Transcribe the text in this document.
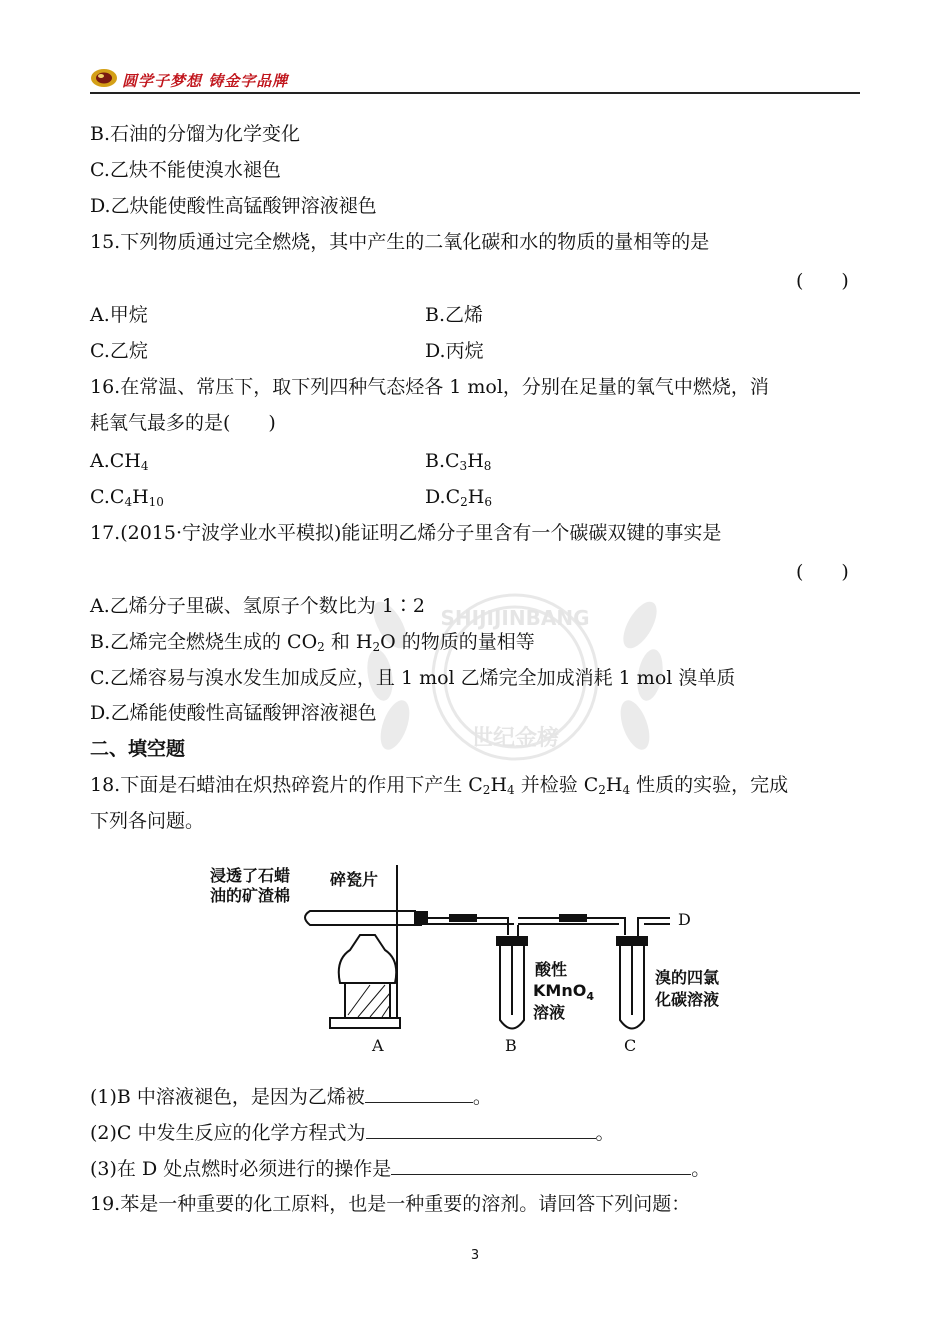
圆学子梦想 铸金字品牌
SHIJIJINBANG
世纪金榜
B.石油的分馏为化学变化
C.乙炔不能使溴水褪色
D.乙炔能使酸性高锰酸钾溶液褪色
15.下列物质通过完全燃烧，其中产生的二氧化碳和水的物质的量相等的是
(　　)
A.甲烷	B.乙烯
C.乙烷	D.丙烷
16.在常温、常压下，取下列四种气态烃各 1 mol，分别在足量的氧气中燃烧，消
耗氧气最多的是(　　)
$A.CH_4$	$B.C_3H_8$
$C.C_4H_{10}$	$D.C_2H_6$
17.(2015·宁波学业水平模拟)能证明乙烯分子里含有一个碳碳双键的事实是
(　　)
A.乙烯分子里碳、氢原子个数比为 1∶2
B.乙烯完全燃烧生成的 $CO_2$ 和 $H_2O$ 的物质的量相等
C.乙烯容易与溴水发生加成反应，且 1 mol 乙烯完全加成消耗 1 mol 溴单质
D.乙烯能使酸性高锰酸钾溶液褪色
二、填空题
18.下面是石蜡油在炽热碎瓷片的作用下产生 $C_2H_4$ 并检验 $C_2H_4$ 性质的实验，完成
下列各问题。
浸透了石蜡
油的矿渣棉
碎瓷片
酸性
KMnO$_4$
溶液
溴的四氯
化碳溶液
A	B	C
D
(1)B 中溶液褪色，是因为乙烯被	。
(2)C 中发生反应的化学方程式为	。
(3)在 D 处点燃时必须进行的操作是	。
19.苯是一种重要的化工原料，也是一种重要的溶剂。请回答下列问题：
3
